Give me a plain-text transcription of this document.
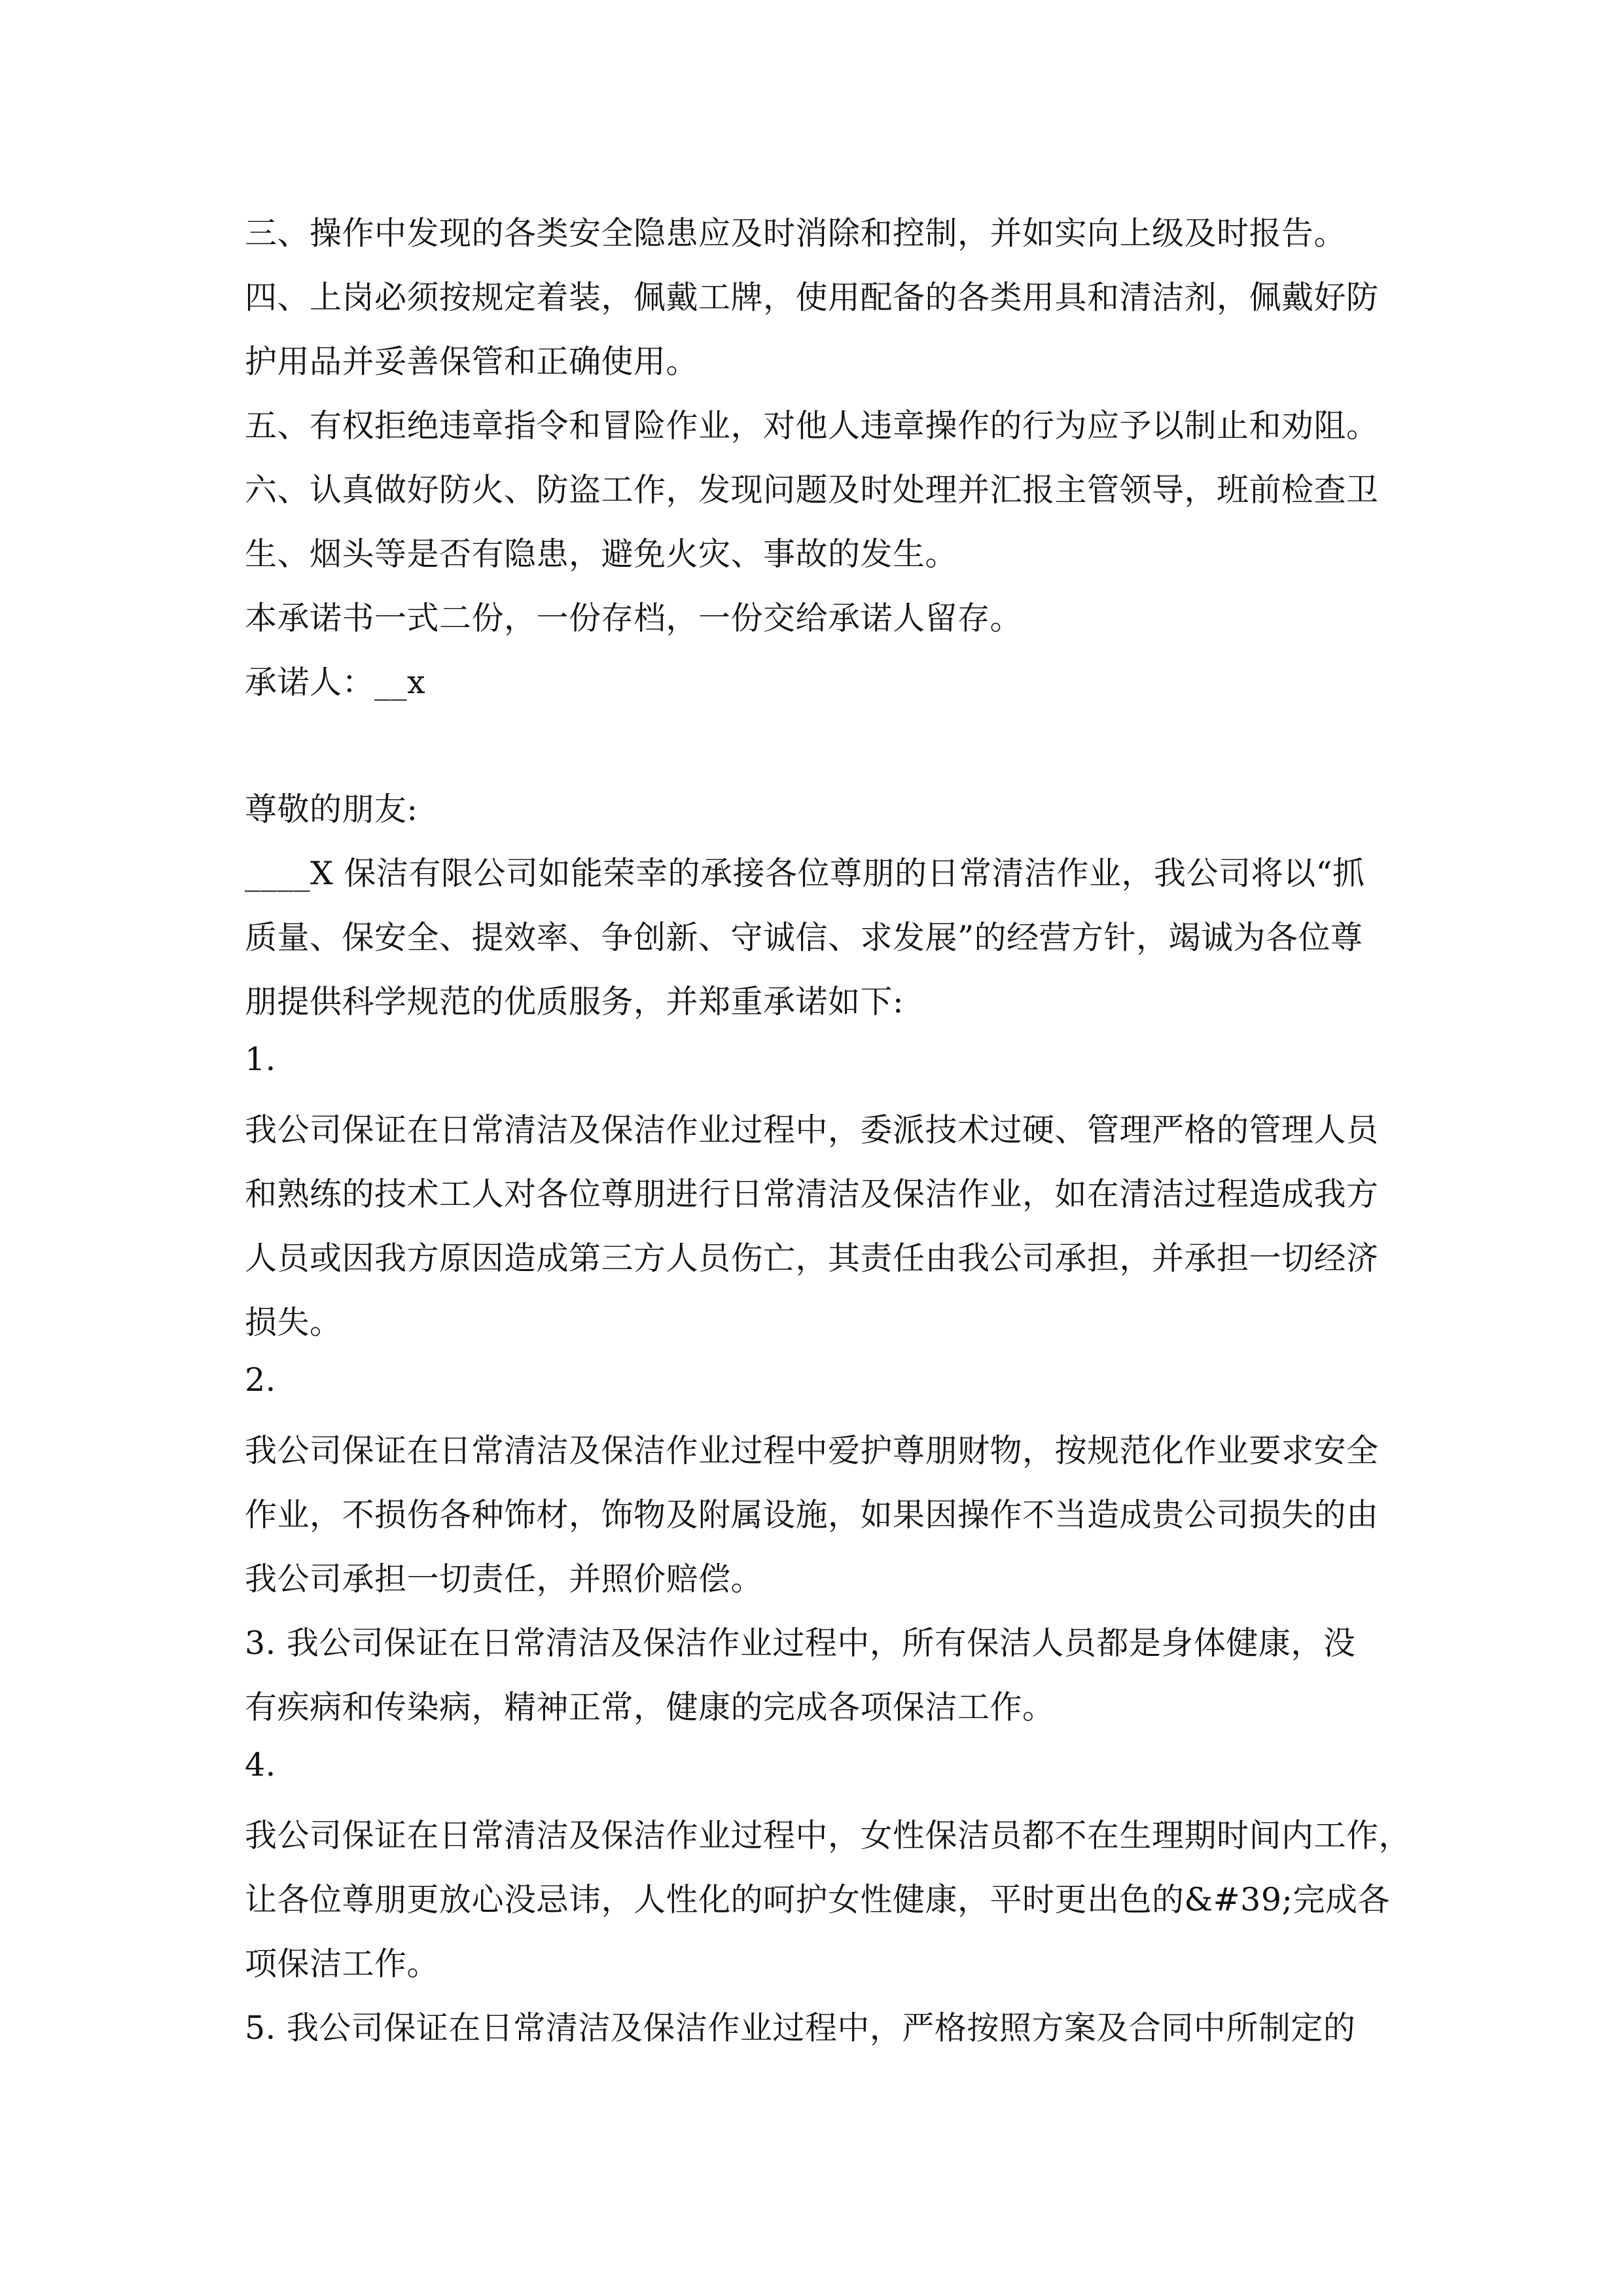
三、操作中发现的各类安全隐患应及时消除和控制，并如实向上级及时报告。
四、上岗必须按规定着装，佩戴工牌，使用配备的各类用具和清洁剂，佩戴好防
护用品并妥善保管和正确使用。
五、有权拒绝违章指令和冒险作业，对他人违章操作的行为应予以制止和劝阻。
六、认真做好防火、防盗工作，发现问题及时处理并汇报主管领导，班前检查卫
生、烟头等是否有隐患，避免火灾、事故的发生。
本承诺书一式二份，一份存档，一份交给承诺人留存。
承诺人：__x
尊敬的朋友:
____X 保洁有限公司如能荣幸的承接各位尊朋的日常清洁作业，我公司将以“抓
质量、保安全、提效率、争创新、守诚信、求发展”的经营方针，竭诚为各位尊
朋提供科学规范的优质服务，并郑重承诺如下:
1.
我公司保证在日常清洁及保洁作业过程中，委派技术过硬、管理严格的管理人员
和熟练的技术工人对各位尊朋进行日常清洁及保洁作业，如在清洁过程造成我方
人员或因我方原因造成第三方人员伤亡，其责任由我公司承担，并承担一切经济
损失。
2.
我公司保证在日常清洁及保洁作业过程中爱护尊朋财物，按规范化作业要求安全
作业，不损伤各种饰材，饰物及附属设施，如果因操作不当造成贵公司损失的由
我公司承担一切责任，并照价赔偿。
3. 我公司保证在日常清洁及保洁作业过程中，所有保洁人员都是身体健康，没
有疾病和传染病，精神正常，健康的完成各项保洁工作。
4.
我公司保证在日常清洁及保洁作业过程中，女性保洁员都不在生理期时间内工作，
让各位尊朋更放心没忌讳，人性化的呵护女性健康，平时更出色的&#39;完成各
项保洁工作。
5. 我公司保证在日常清洁及保洁作业过程中，严格按照方案及合同中所制定的
